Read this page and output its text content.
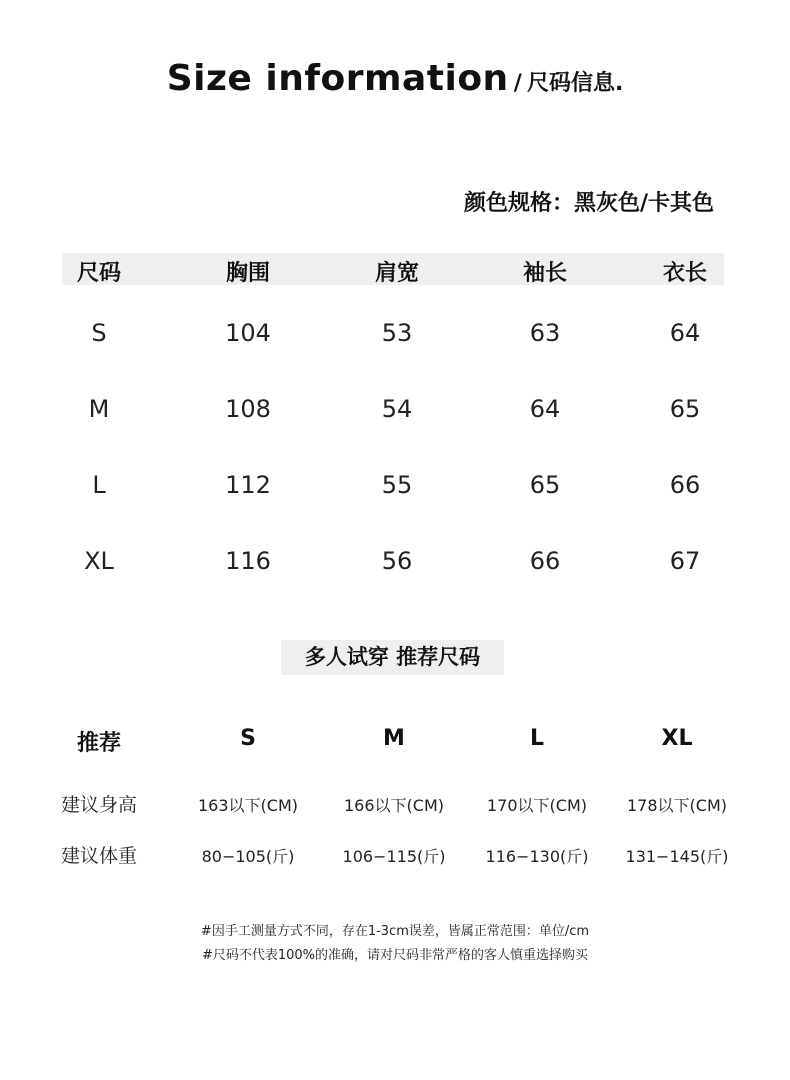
Size information / 尺码信息.
颜色规格：黑灰色/卡其色
尺码	胸围	肩宽	袖长	衣长
S	104	53	63	64
M	108	54	64	65
L	112	55	65	66
XL	116	56	66	67
多人试穿 推荐尺码
推荐	S	M	L	XL
建议身高	163以下(CM)	166以下(CM)	170以下(CM) 178以下(CM)
建议体重	80−105(斤)	106−115(斤)	116−130(斤) 131−145(斤)
#因手工测量方式不同，存在1-3cm误差，皆属正常范围：单位/cm
#尺码不代表100%的准确，请对尺码非常严格的客人慎重选择购买
